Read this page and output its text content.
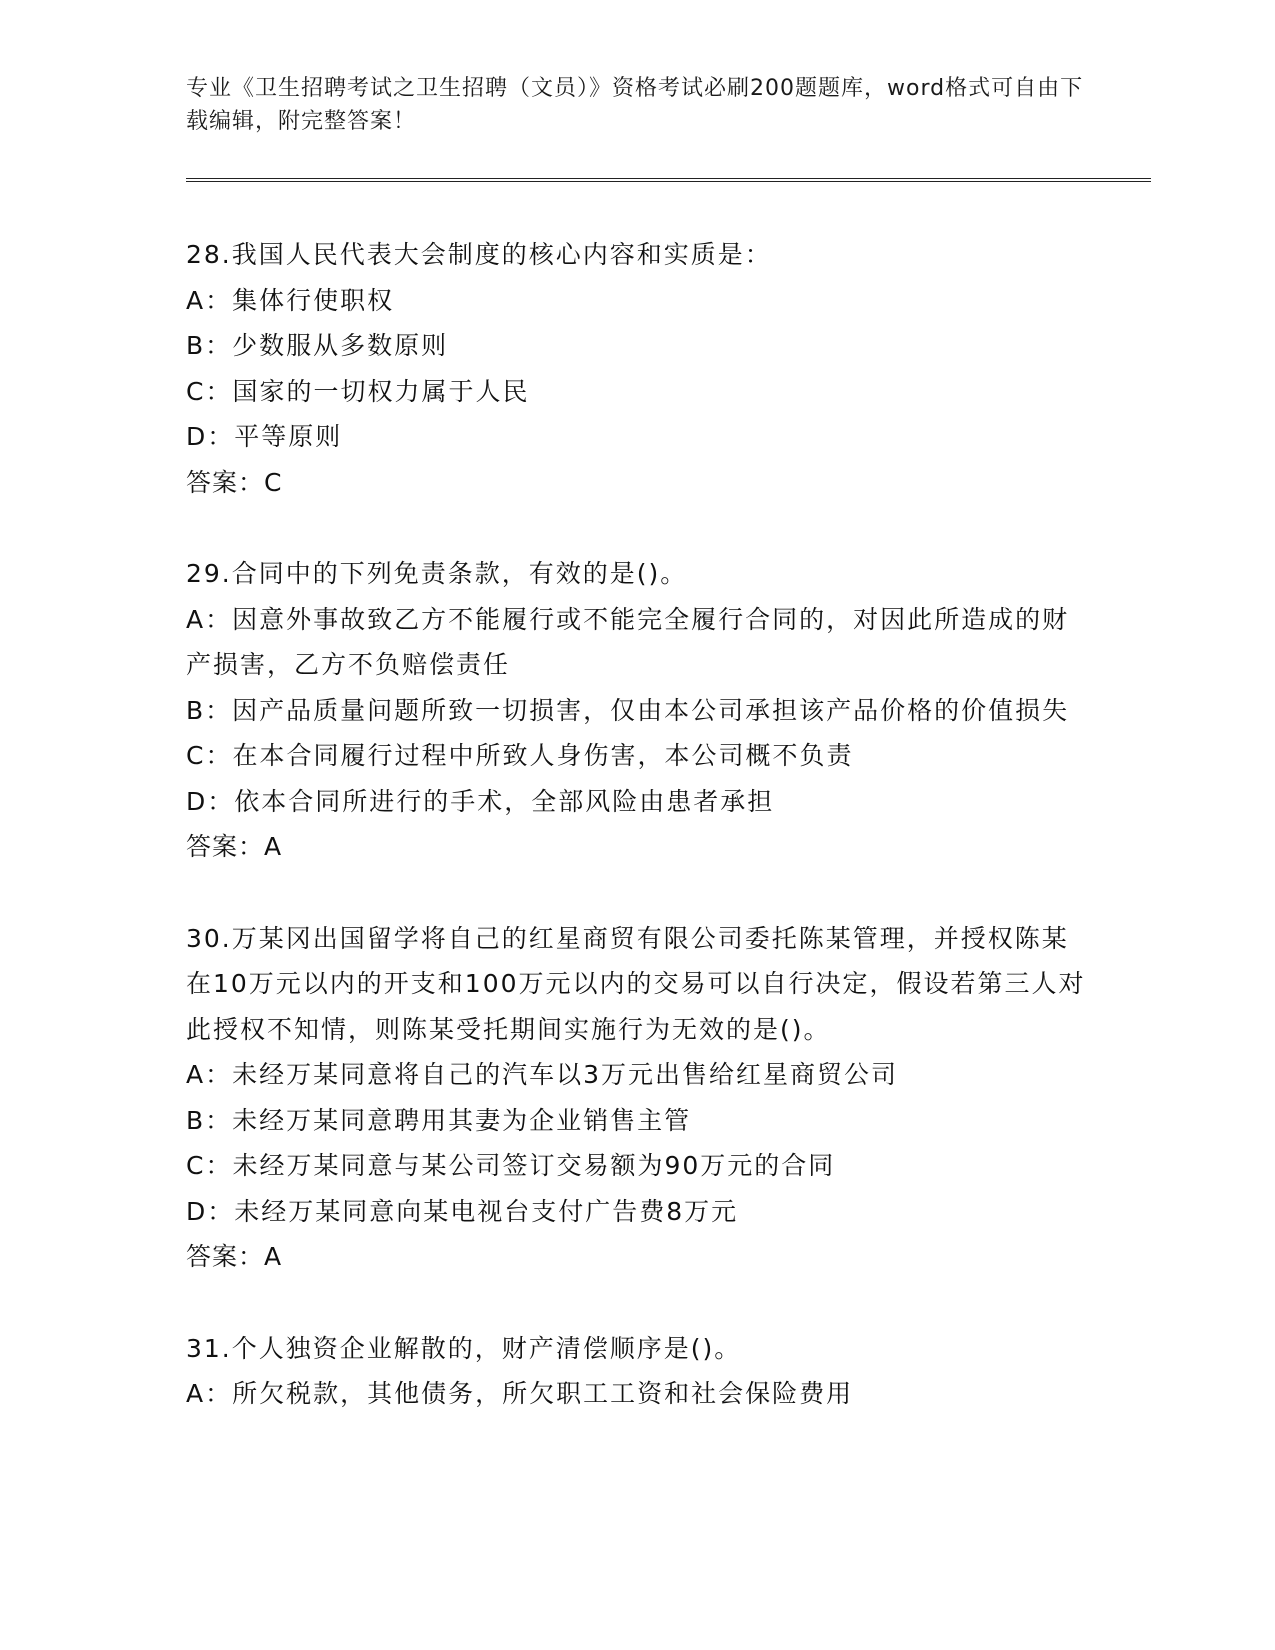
专业《卫生招聘考试之卫生招聘（文员）》资格考试必刷200题题库，word格式可自由下载编辑，附完整答案！

28.我国人民代表大会制度的核心内容和实质是：

A：集体行使职权

B：少数服从多数原则

C：国家的一切权力属于人民

D：平等原则

答案：C

29.合同中的下列免责条款，有效的是()。

A：因意外事故致乙方不能履行或不能完全履行合同的，对因此所造成的财产损害，乙方不负赔偿责任

B：因产品质量问题所致一切损害，仅由本公司承担该产品价格的价值损失

C：在本合同履行过程中所致人身伤害，本公司概不负责

D：依本合同所进行的手术，全部风险由患者承担

答案：A

30.万某冈出国留学将自己的红星商贸有限公司委托陈某管理，并授权陈某在10万元以内的开支和100万元以内的交易可以自行决定，假设若第三人对此授权不知情，则陈某受托期间实施行为无效的是()。

A：未经万某同意将自己的汽车以3万元出售给红星商贸公司

B：未经万某同意聘用其妻为企业销售主管

C：未经万某同意与某公司签订交易额为90万元的合同

D：未经万某同意向某电视台支付广告费8万元

答案：A

31.个人独资企业解散的，财产清偿顺序是()。

A：所欠税款，其他债务，所欠职工工资和社会保险费用
